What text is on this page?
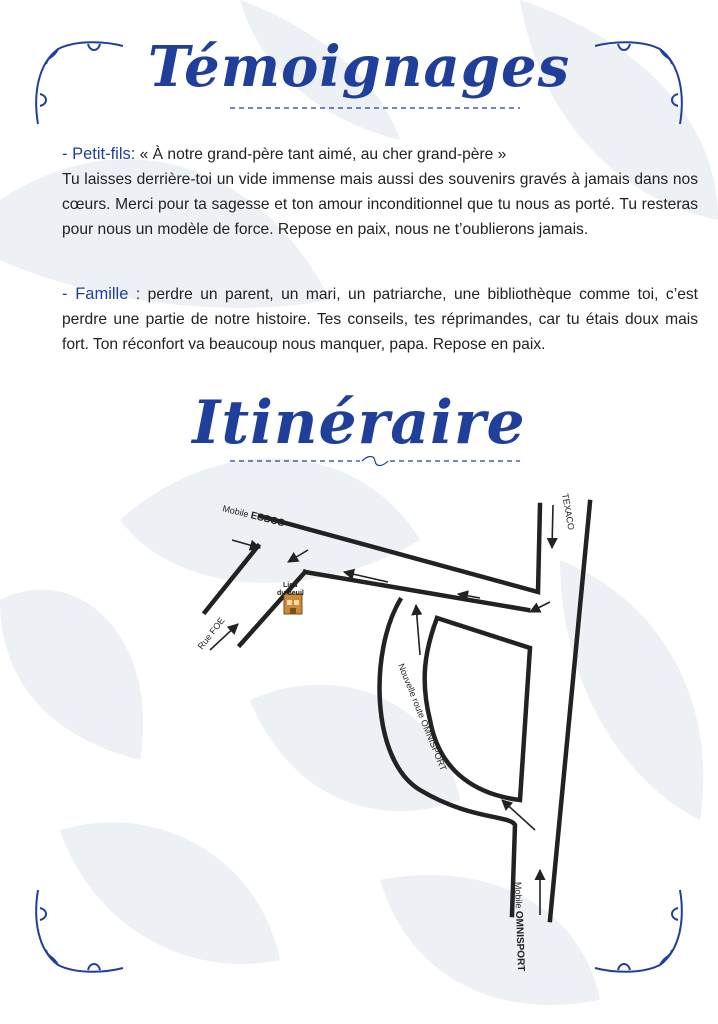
Témoignages
- Petit-fils: « À notre grand-père tant aimé, au cher grand-père »
Tu laisses derrière-toi un vide immense mais aussi des souvenirs gravés à jamais dans nos cœurs. Merci pour ta sagesse et ton amour inconditionnel que tu nous as porté. Tu resteras pour nous un modèle de force. Repose en paix, nous ne t’oublierons jamais.
- Famille : perdre un parent, un mari, un patriarche, une bibliothèque comme toi, c’est perdre une partie de notre histoire. Tes conseils, tes réprimandes, car tu étais doux mais fort. Ton réconfort va beaucoup nous manquer, papa. Repose en paix.
Itinéraire
Mobile ESSOS
Lieu
du deuil
TEXACO
Rue FOE
Nouvelle route OMNISPORT
Mobile OMNISPORT
